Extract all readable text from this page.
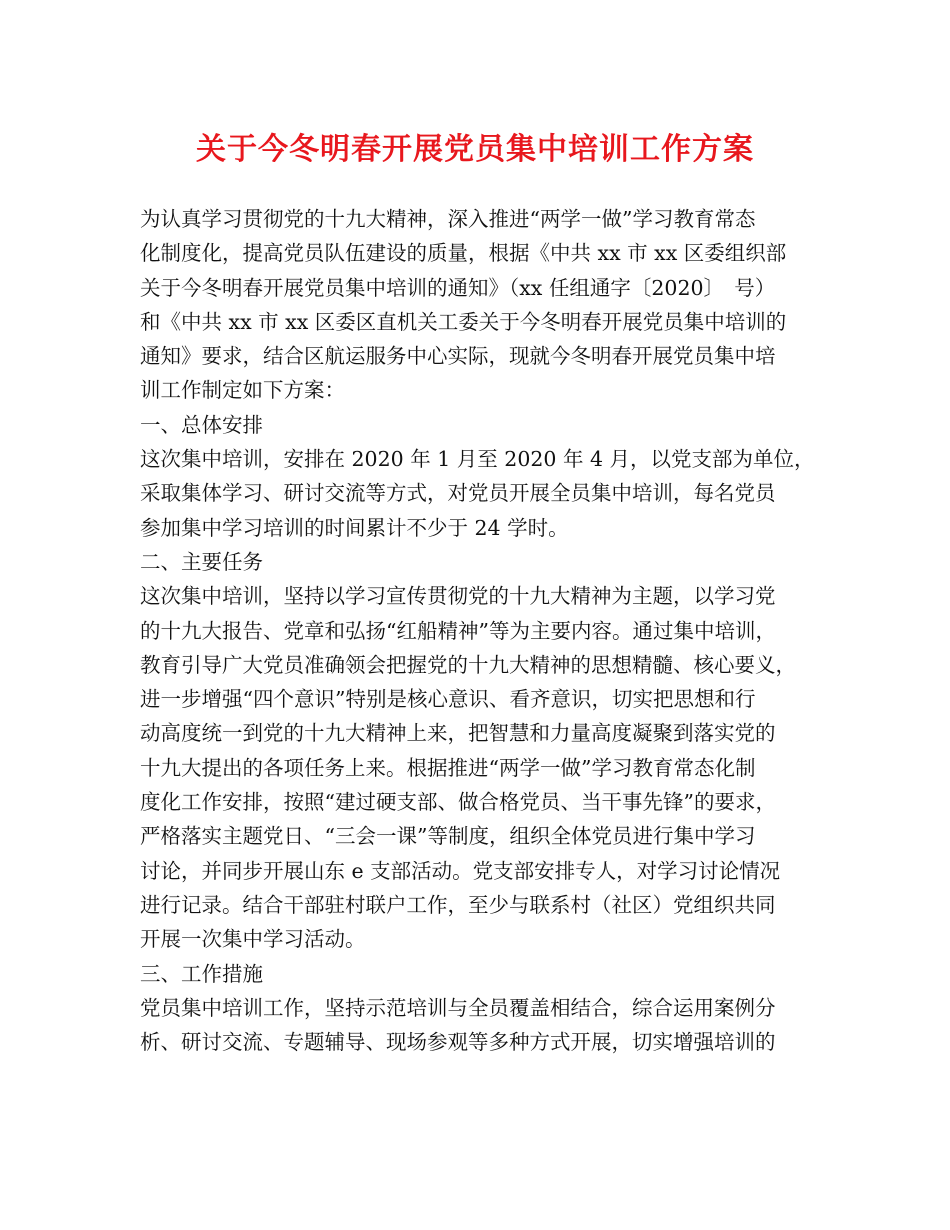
关于今冬明春开展党员集中培训工作方案
为认真学习贯彻党的十九大精神，深入推进“两学一做”学习教育常态
化制度化，提高党员队伍建设的质量，根据《中共 xx 市 xx 区委组织部
关于今冬明春开展党员集中培训的通知》（xx 任组通字〔2020〕　号）
和《中共 xx 市 xx 区委区直机关工委关于今冬明春开展党员集中培训的
通知》要求，结合区航运服务中心实际，现就今冬明春开展党员集中培
训工作制定如下方案：
一、总体安排
这次集中培训，安排在 2020 年 1 月至 2020 年 4 月，以党支部为单位，
采取集体学习、研讨交流等方式，对党员开展全员集中培训，每名党员
参加集中学习培训的时间累计不少于 24 学时。
二、主要任务
这次集中培训，坚持以学习宣传贯彻党的十九大精神为主题，以学习党
的十九大报告、党章和弘扬“红船精神”等为主要内容。通过集中培训，
教育引导广大党员准确领会把握党的十九大精神的思想精髓、核心要义，
进一步增强“四个意识”特别是核心意识、看齐意识，切实把思想和行
动高度统一到党的十九大精神上来，把智慧和力量高度凝聚到落实党的
十九大提出的各项任务上来。根据推进“两学一做”学习教育常态化制
度化工作安排，按照“建过硬支部、做合格党员、当干事先锋”的要求，
严格落实主题党日、“三会一课”等制度，组织全体党员进行集中学习
讨论，并同步开展山东 e 支部活动。党支部安排专人，对学习讨论情况
进行记录。结合干部驻村联户工作，至少与联系村（社区）党组织共同
开展一次集中学习活动。
三、工作措施
党员集中培训工作，坚持示范培训与全员覆盖相结合，综合运用案例分
析、研讨交流、专题辅导、现场参观等多种方式开展，切实增强培训的
